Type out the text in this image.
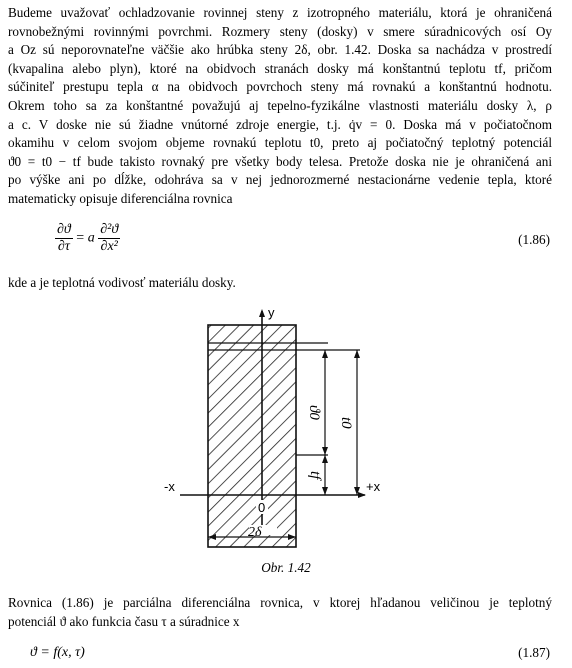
Budeme uvažovať ochladzovanie rovinnej steny z izotropného materiálu, ktorá je ohraničená
rovnobežnými rovinnými povrchmi. Rozmery steny (dosky) v smere súradnicových osí Oy
a Oz sú neporovnateľne väčšie ako hrúbka steny 2δ, obr. 1.42. Doska sa nachádza v prostredí
(kvapalina alebo plyn), ktoré na obidvoch stranách dosky má konštantnú teplotu tf, pričom
súčiniteľ prestupu tepla α na obidvoch povrchoch steny má rovnakú a konštantnú hodnotu.
Okrem toho sa za konštantné považujú aj tepelno-fyzikálne vlastnosti materiálu dosky λ, ρ
a c. V doske nie sú žiadne vnútorné zdroje energie, t.j. q̇v = 0. Doska má v počiatočnom
okamihu v celom svojom objeme rovnakú teplotu t0, preto aj počiatočný teplotný potenciál
ϑ0 = t0 − tf bude takisto rovnaký pre všetky body telesa. Pretože doska nie je ohraničená ani
po výške ani po dĺžke, odohráva sa v nej jednorozmerné nestacionárne vedenie tepla, ktoré
matematicky opisuje diferenciálna rovnica
$\frac{\partial ϑ}{\partial\tau} = a \frac{\text{∂²ϑ}}{\text{∂x²}}$	(1.86)
kde a je teplotná vodivosť materiálu dosky.
y
+x
-x
0
2δ
ϑ0
t0
tf
Obr. 1.42
Rovnica (1.86) je parciálna diferenciálna rovnica, v ktorej hľadanou veličinou je teplotný
potenciál ϑ ako funkcia času τ a súradnice x
ϑ = f(x, τ)	(1.87)
